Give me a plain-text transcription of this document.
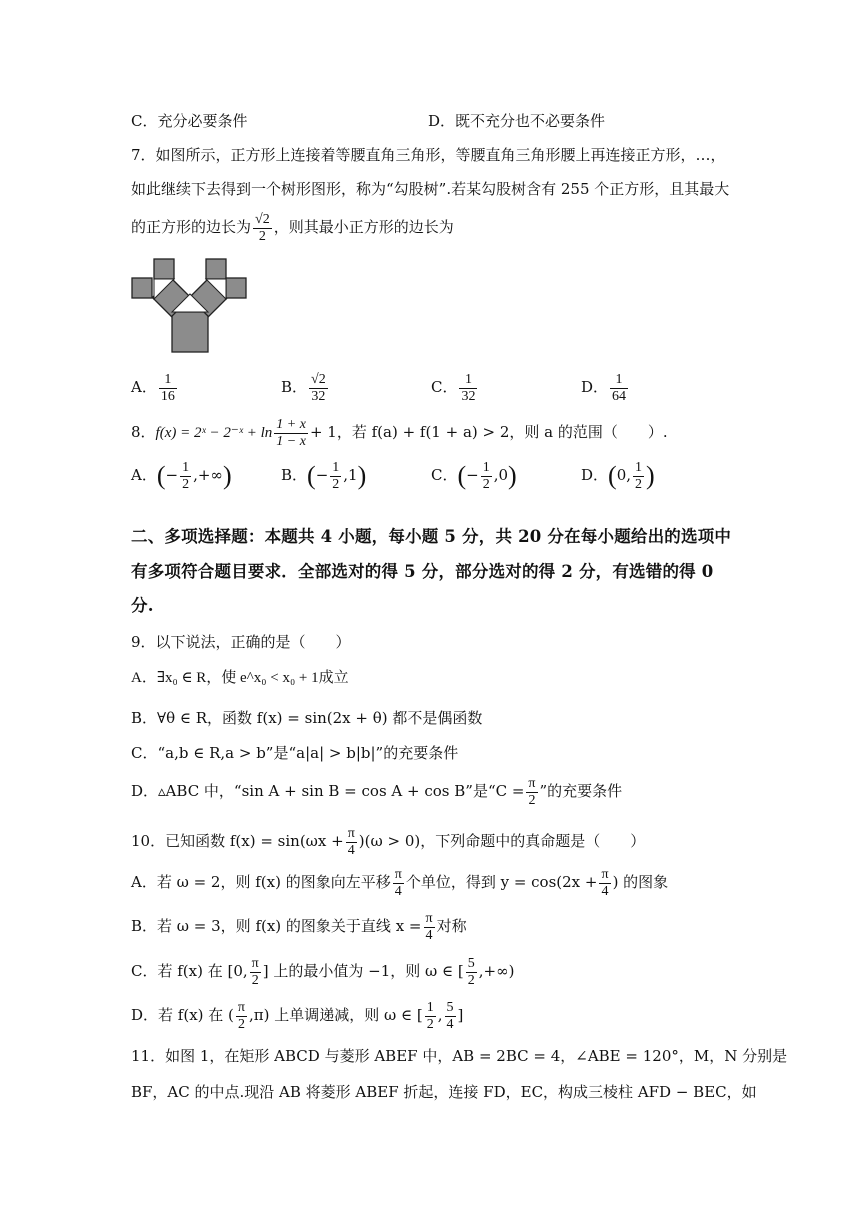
C．充分必要条件	D．既不充分也不必要条件
7．如图所示，正方形上连接着等腰直角三角形，等腰直角三角形腰上再连接正方形，…，
如此继续下去得到一个树形图形，称为“勾股树”.若某勾股树含有 255 个正方形，且其最大
的正方形的边长为 $\frac{√2}{2}$ ，则其最小正方形的边长为
A． $\frac{1}{16}$	B． $\frac{√2}{32}$	C． $\frac{1}{32}$	D． $\frac{1}{64}$
8．f(x) = 2ˣ − 2⁻ˣ + $\ln \frac{1 + x}{1 - x} + 1$，若 f(a) + f(1 + a) > 2，则 a 的范围（　　）.
A．(− $\frac{1}{2}$ ,+∞)	B．(− $\frac{1}{2} ,1$)	C．(− $\frac{1}{2} ,0$)	D．(0, $\frac{1}{2}$ )
二、多项选择题：本题共 4 小题，每小题 5 分，共 20 分在每小题给出的选项中
有多项符合题目要求．全部选对的得 5 分，部分选对的得 2 分，有选错的得 0
分.
9．以下说法，正确的是（　　）
A．∃x₀ ∈ R，使 e^x₀ < x₀ + 1成立
B．∀θ ∈ R，函数 f(x) = sin(2x + θ) 都不是偶函数
C．“a,b ∈ R,a > b”是“a|a| > b|b|”的充要条件
D．▵ABC 中，“sin A + sin B = cos A + cos B”是“$C = \frac{\pi}{2}$ ”的充要条件
10．已知函数 $f(x) = \sin(\omega x + \frac{\pi}{4} )(\omega > 0)$，下列命题中的真命题是（　　）
A．若 ω = 2，则 f(x) 的图象向左平移 $\frac{\pi}{4}$ 个单位，得到 $y = \cos(2x + \frac{\pi}{4}$ ) 的图象
B．若 ω = 3，则 f(x) 的图象关于直线 $x = \frac{\pi}{4}$ 对称
C．若 f(x) 在 [0, $\frac{\pi}{2}$ ] 上的最小值为 −1，则 ω ∈ [ $\frac{5}{2}$ ,+∞)
D．若 f(x) 在 ( $\frac{\pi}{2} ,\pi$) 上单调递减，则 ω ∈ [ $\frac{1}{2}$ , $\frac{5}{4}$ ]
11．如图 1，在矩形 ABCD 与菱形 ABEF 中，AB = 2BC = 4，∠ABE = 120°，M，N 分别是
BF，AC 的中点.现沿 AB 将菱形 ABEF 折起，连接 FD，EC，构成三棱柱 AFD − BEC，如
